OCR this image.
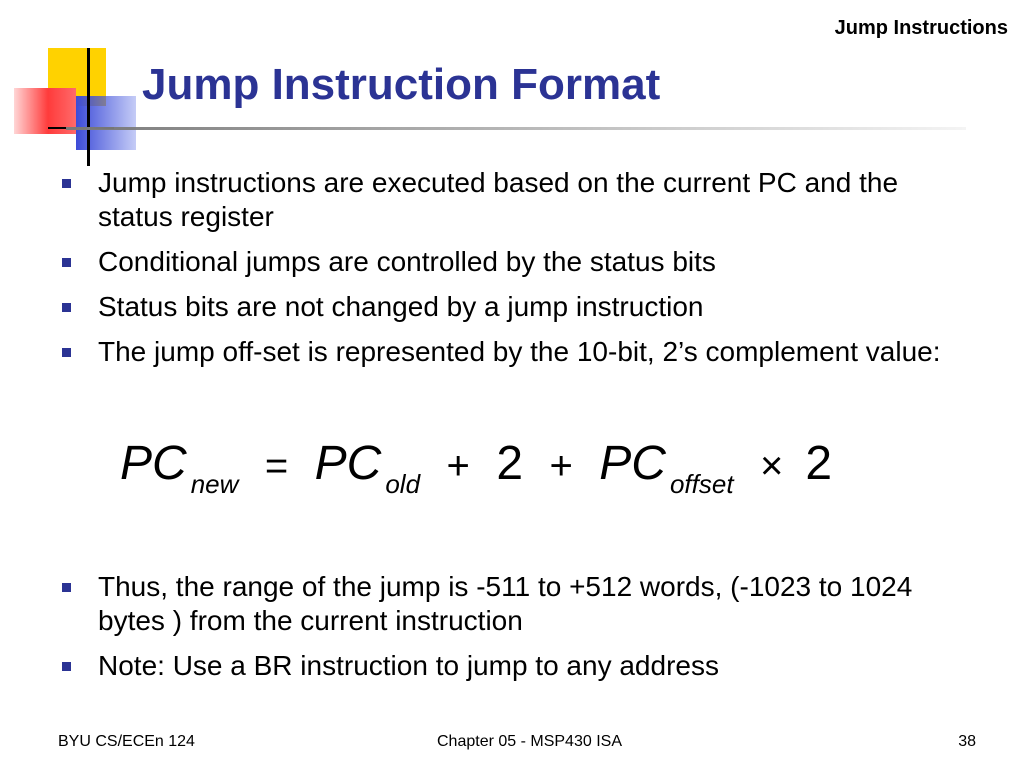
Jump Instructions
Jump Instruction Format
Jump instructions are executed based on the current PC and the status register
Conditional jumps are controlled by the status bits
Status bits are not changed by a jump instruction
The jump off-set is represented by the 10-bit, 2’s complement value:
PC new = PC old + 2 + PC offset × 2
Thus, the range of the jump is -511 to +512 words, (-1023 to 1024 bytes ) from the current instruction
Note: Use a BR instruction to jump to any address
BYU CS/ECEn 124	Chapter 05 - MSP430 ISA	38
